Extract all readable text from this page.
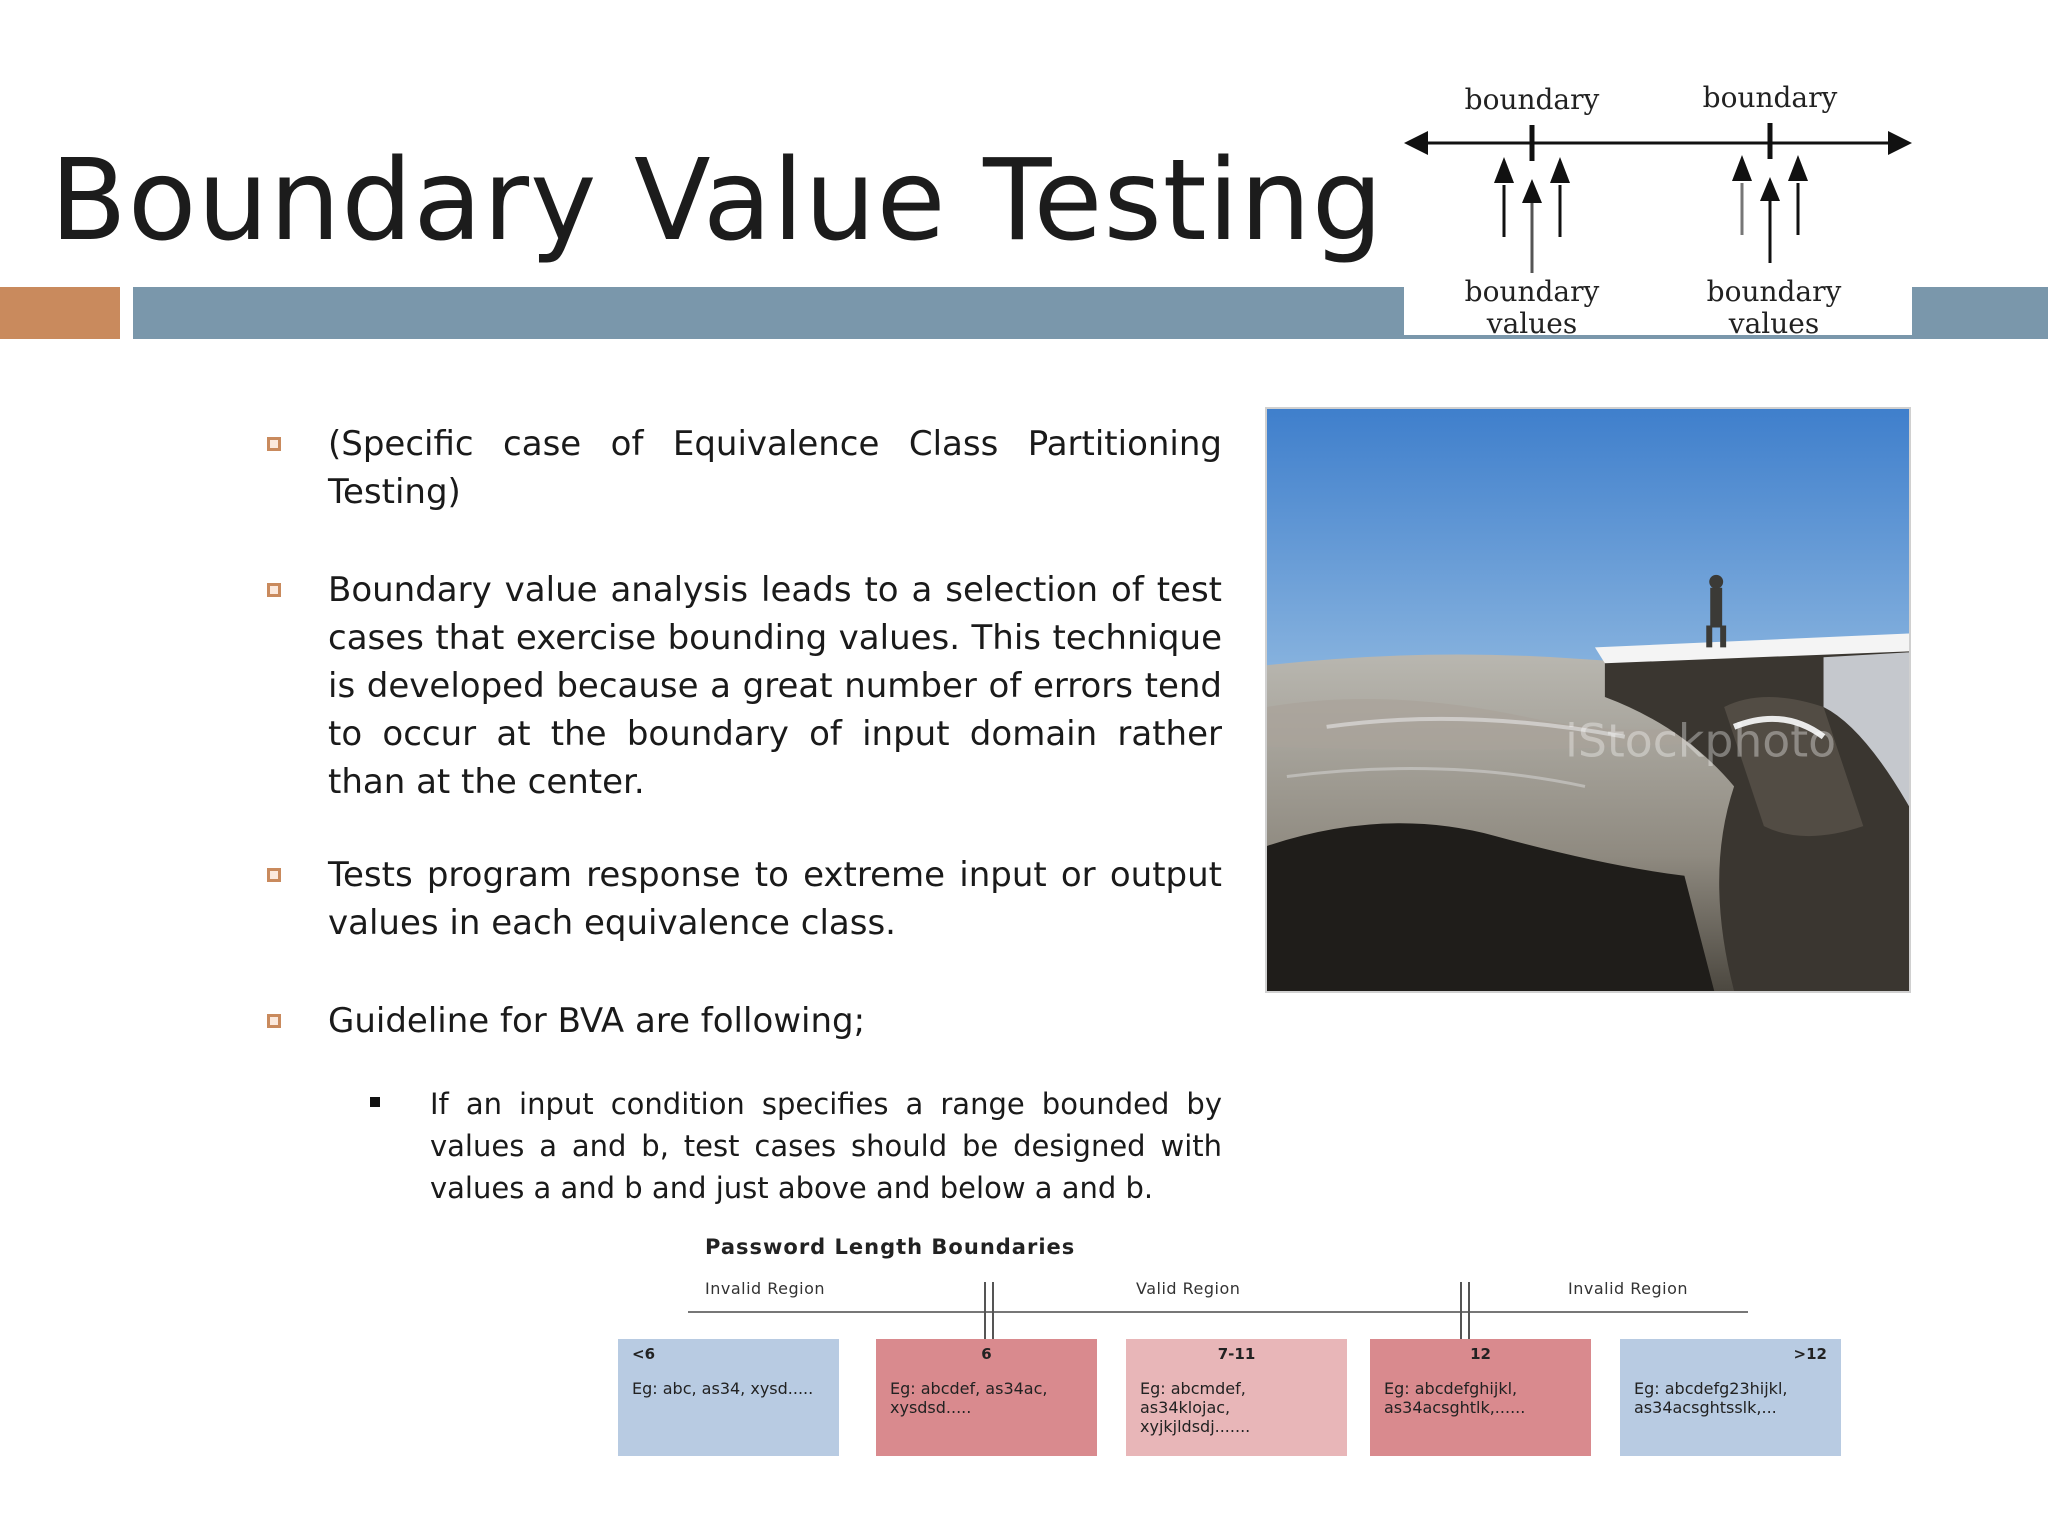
Boundary Value Testing
boundary	boundary
boundary
values
boundary
values
(Specific case of Equivalence Class Partitioning Testing)
Boundary value analysis leads to a selection of test cases that exercise bounding values. This technique is developed because a great number of errors tend to occur at the boundary of input domain rather than at the center.
Tests program response to extreme input or output values in each equivalence class.
Guideline for BVA are following;
If an input condition specifies a range bounded by values a and b, test cases should be designed with values a and b and just above and below a and b.
iStockphoto
Password Length Boundaries
Invalid Region	Valid Region	Invalid Region
<6
Eg: abc, as34, xysd.....
6
Eg: abcdef, as34ac, xysdsd.....
7-11
Eg: abcmdef, as34klojac, xyjkjldsdj.......
12
Eg: abcdefghijkl, as34acsghtlk,......
>12
Eg: abcdefg23hijkl, as34acsghtsslk,...
